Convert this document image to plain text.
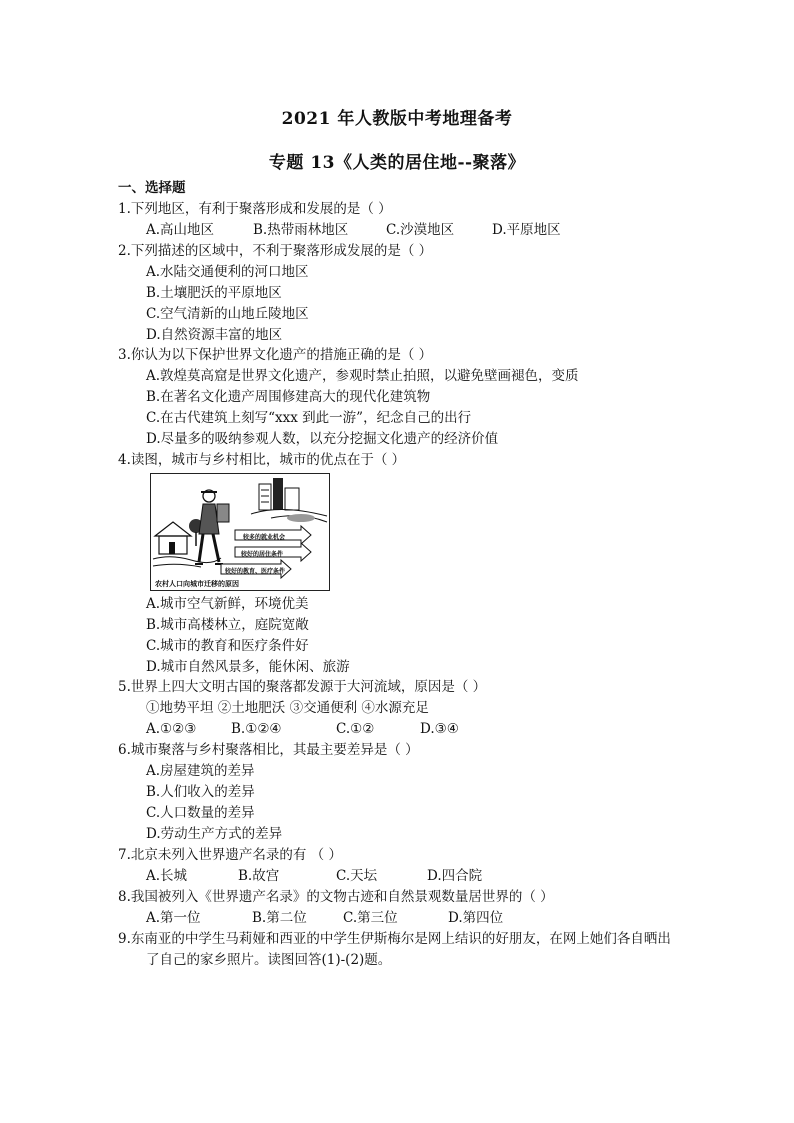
2021 年人教版中考地理备考
专题 13《人类的居住地--聚落》
一、选择题
1.下列地区，有利于聚落形成和发展的是（ ）
A.高山地区	B.热带雨林地区	C.沙漠地区	D.平原地区
2.下列描述的区域中，不利于聚落形成发展的是（ ）
A.水陆交通便利的河口地区
B.土壤肥沃的平原地区
C.空气清新的山地丘陵地区
D.自然资源丰富的地区
3.你认为以下保护世界文化遗产的措施正确的是（ ）
A.敦煌莫高窟是世界文化遗产，参观时禁止拍照，以避免壁画褪色，变质
B.在著名文化遗产周围修建高大的现代化建筑物
C.在古代建筑上刻写“xxx 到此一游”，纪念自己的出行
D.尽量多的吸纳参观人数，以充分挖掘文化遗产的经济价值
4.读图，城市与乡村相比，城市的优点在于（ ）
较多的就业机会
较好的居住条件
较好的教育、医疗条件
农村人口向城市迁移的原因
A.城市空气新鲜，环境优美
B.城市高楼林立，庭院宽敞
C.城市的教育和医疗条件好
D.城市自然风景多，能休闲、旅游
5.世界上四大文明古国的聚落都发源于大河流域，原因是（ ）
①地势平坦 ②土地肥沃 ③交通便利 ④水源充足
A.①②③	B.①②④	C.①②	D.③④
6.城市聚落与乡村聚落相比，其最主要差异是（ ）
A.房屋建筑的差异
B.人们收入的差异
C.人口数量的差异
D.劳动生产方式的差异
7.北京未列入世界遗产名录的有 （ ）
A.长城	B.故宫	C.天坛	D.四合院
8.我国被列入《世界遗产名录》的文物古迹和自然景观数量居世界的（ ）
A.第一位	B.第二位	C.第三位	D.第四位
9.东南亚的中学生马莉娅和西亚的中学生伊斯梅尔是网上结识的好朋友，在网上她们各自晒出
了自己的家乡照片。读图回答(1)-(2)题。
